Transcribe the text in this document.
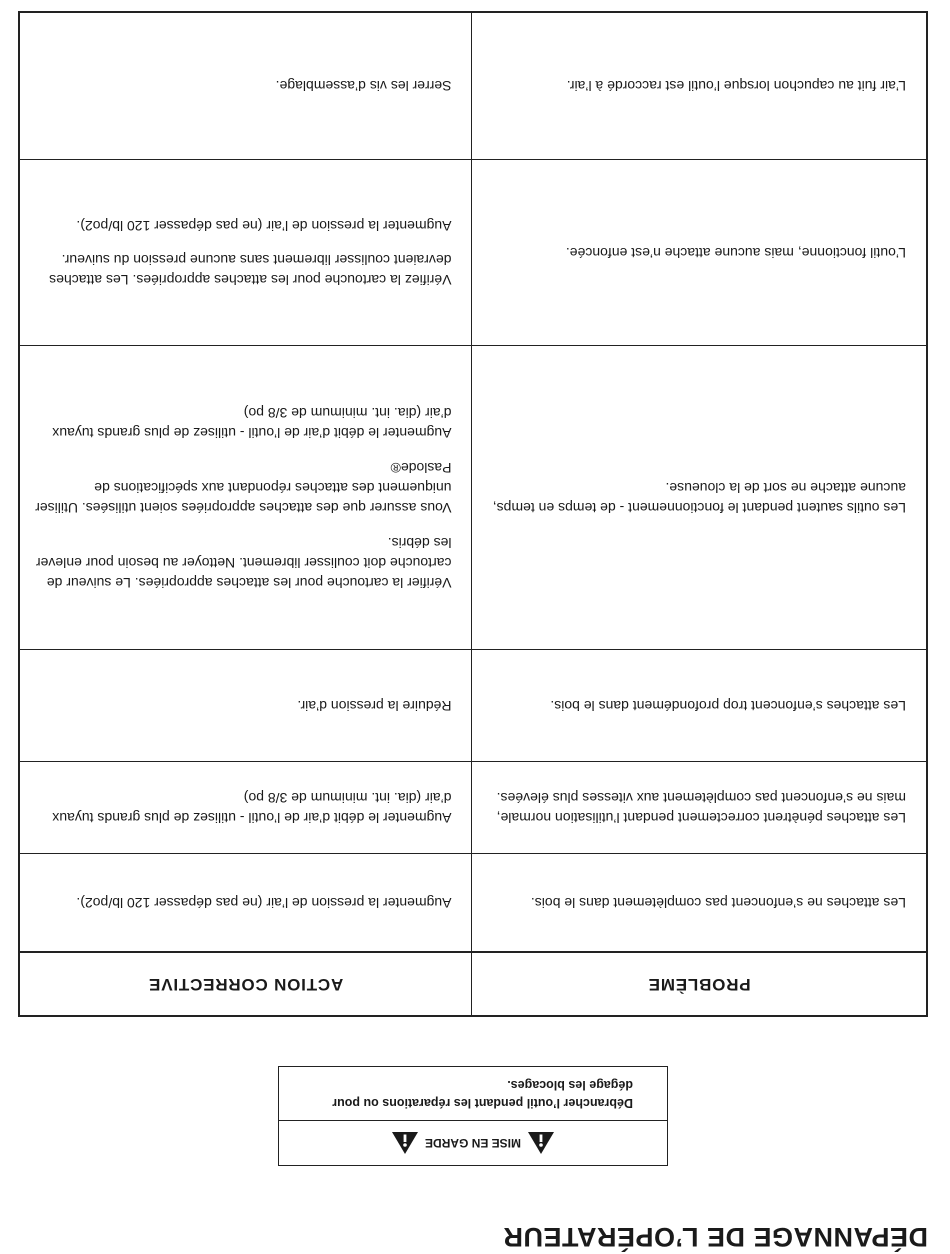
DÉPANNAGE DE L’OPÉRATEUR
MISE EN GARDE
Débrancher l’outil pendant les réparations ou pour dégage les blocages.
PROBLÈME	ACTION CORRECTIVE
Les attaches ne s’enfoncent pas complètement dans le bois.	Augmenter la pression de l’air (ne pas dépasser 120 lb/po2).

Les attaches pénètrent correctement pendant l’utilisation normale, mais ne s’enfoncent pas complètement aux vitesses plus élevées.	Augmenter le débit d’air de l’outil - utilisez de plus grands tuyaux d’air (dia. int. minimum de 3/8 po)

Les attaches s’enfoncent trop profondément dans le bois.	Réduire la pression d’air.

Les outils sautent pendant le fonctionnement - de temps en temps, aucune attache ne sort de la clouеuse.	Vérifier la cartouche pour les attaches appropriées. Le suiveur de cartouche doit coulisser librement. Nettoyer au besoin pour enlever les débris.
Vous assurer que des attaches appropriées soient utilisées. Utiliser uniquement des attaches répondant aux spécifications de Paslode®
Augmenter le débit d’air de l’outil - utilisez de plus grands tuyaux d’air (dia. int. minimum de 3/8 po)

L’outil fonctionne, mais aucune attache n’est enfoncée.	Vérifiez la cartouche pour les attaches appropriées. Les attaches devraient coulisser librement sans aucune pression du suiveur.
Augmenter la pression de l’air (ne pas dépasser 120 lb/po2).

L’air fuit au capuchon lorsque l’outil est raccordé à l’air.	Serrer les vis d’assemblage.
